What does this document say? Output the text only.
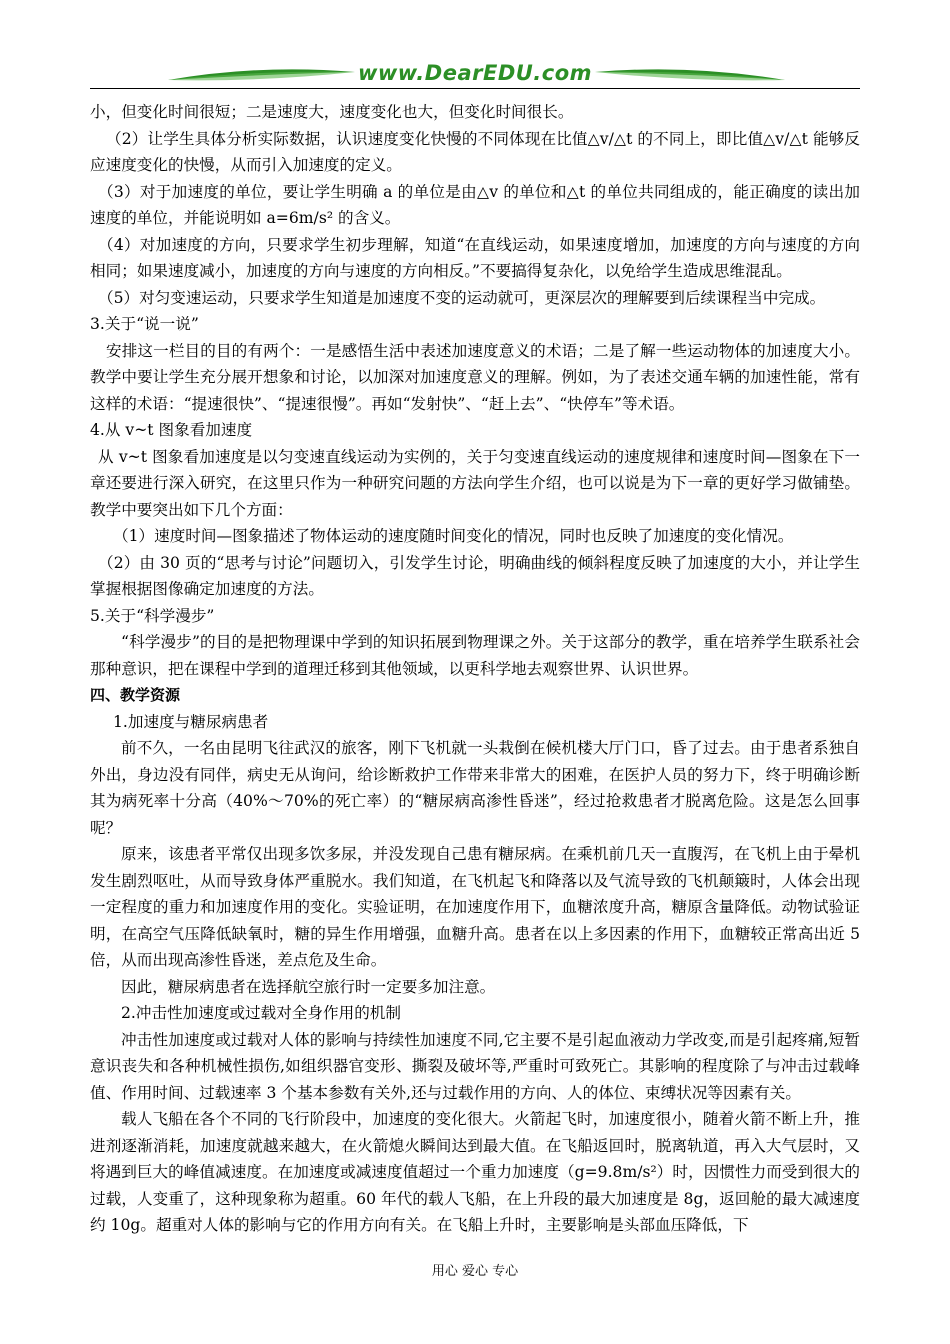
www.DearEDU.com

小，但变化时间很短；二是速度大，速度变化也大，但变化时间很长。

（2）让学生具体分析实际数据，认识速度变化快慢的不同体现在比值△v/△t 的不同上，即比值△v/△t 能够反应速度变化的快慢，从而引入加速度的定义。

（3）对于加速度的单位，要让学生明确 a 的单位是由△v 的单位和△t 的单位共同组成的，能正确度的读出加速度的单位，并能说明如 a=6m/s² 的含义。

（4）对加速度的方向，只要求学生初步理解，知道“在直线运动，如果速度增加，加速度的方向与速度的方向相同；如果速度减小，加速度的方向与速度的方向相反。”不要搞得复杂化，以免给学生造成思维混乱。

（5）对匀变速运动，只要求学生知道是加速度不变的运动就可，更深层次的理解要到后续课程当中完成。

3.关于“说一说”

安排这一栏目的目的有两个：一是感悟生活中表述加速度意义的术语；二是了解一些运动物体的加速度大小。教学中要让学生充分展开想象和讨论，以加深对加速度意义的理解。例如，为了表述交通车辆的加速性能，常有这样的术语：“提速很快”、“提速很慢”。再如“发射快”、“赶上去”、“快停车”等术语。

4.从 v~t 图象看加速度

从 v~t 图象看加速度是以匀变速直线运动为实例的，关于匀变速直线运动的速度规律和速度时间—图象在下一章还要进行深入研究，在这里只作为一种研究问题的方法向学生介绍，也可以说是为下一章的更好学习做铺垫。教学中要突出如下几个方面：

（1）速度时间—图象描述了物体运动的速度随时间变化的情况，同时也反映了加速度的变化情况。

（2）由 30 页的“思考与讨论”问题切入，引发学生讨论，明确曲线的倾斜程度反映了加速度的大小，并让学生掌握根据图像确定加速度的方法。

5.关于“科学漫步”

“科学漫步”的目的是把物理课中学到的知识拓展到物理课之外。关于这部分的教学，重在培养学生联系社会那种意识，把在课程中学到的道理迁移到其他领域，以更科学地去观察世界、认识世界。

四、教学资源

1.加速度与糖尿病患者

前不久，一名由昆明飞往武汉的旅客，刚下飞机就一头栽倒在候机楼大厅门口，昏了过去。由于患者系独自外出，身边没有同伴，病史无从询问，给诊断救护工作带来非常大的困难，在医护人员的努力下，终于明确诊断其为病死率十分高（40%～70%的死亡率）的“糖尿病高渗性昏迷”，经过抢救患者才脱离危险。这是怎么回事呢？

原来，该患者平常仅出现多饮多尿，并没发现自己患有糖尿病。在乘机前几天一直腹泻，在飞机上由于晕机发生剧烈呕吐，从而导致身体严重脱水。我们知道，在飞机起飞和降落以及气流导致的飞机颠簸时，人体会出现一定程度的重力和加速度作用的变化。实验证明，在加速度作用下，血糖浓度升高，糖原含量降低。动物试验证明，在高空气压降低缺氧时，糖的异生作用增强，血糖升高。患者在以上多因素的作用下，血糖较正常高出近 5 倍，从而出现高渗性昏迷，差点危及生命。

因此，糖尿病患者在选择航空旅行时一定要多加注意。

2.冲击性加速度或过载对全身作用的机制

冲击性加速度或过载对人体的影响与持续性加速度不同,它主要不是引起血液动力学改变,而是引起疼痛,短暂意识丧失和各种机械性损伤,如组织器官变形、撕裂及破坏等,严重时可致死亡。其影响的程度除了与冲击过载峰值、作用时间、过载速率 3 个基本参数有关外,还与过载作用的方向、人的体位、束缚状况等因素有关。

载人飞船在各个不同的飞行阶段中，加速度的变化很大。火箭起飞时，加速度很小，随着火箭不断上升，推进剂逐渐消耗，加速度就越来越大，在火箭熄火瞬间达到最大值。在飞船返回时，脱离轨道，再入大气层时，又将遇到巨大的峰值减速度。在加速度或减速度值超过一个重力加速度（g=9.8m/s²）时，因惯性力而受到很大的过载，人变重了，这种现象称为超重。60 年代的载人飞船，在上升段的最大加速度是 8g，返回舱的最大减速度约 10g。超重对人体的影响与它的作用方向有关。在飞船上升时，主要影响是头部血压降低，下

用心 爱心 专心
